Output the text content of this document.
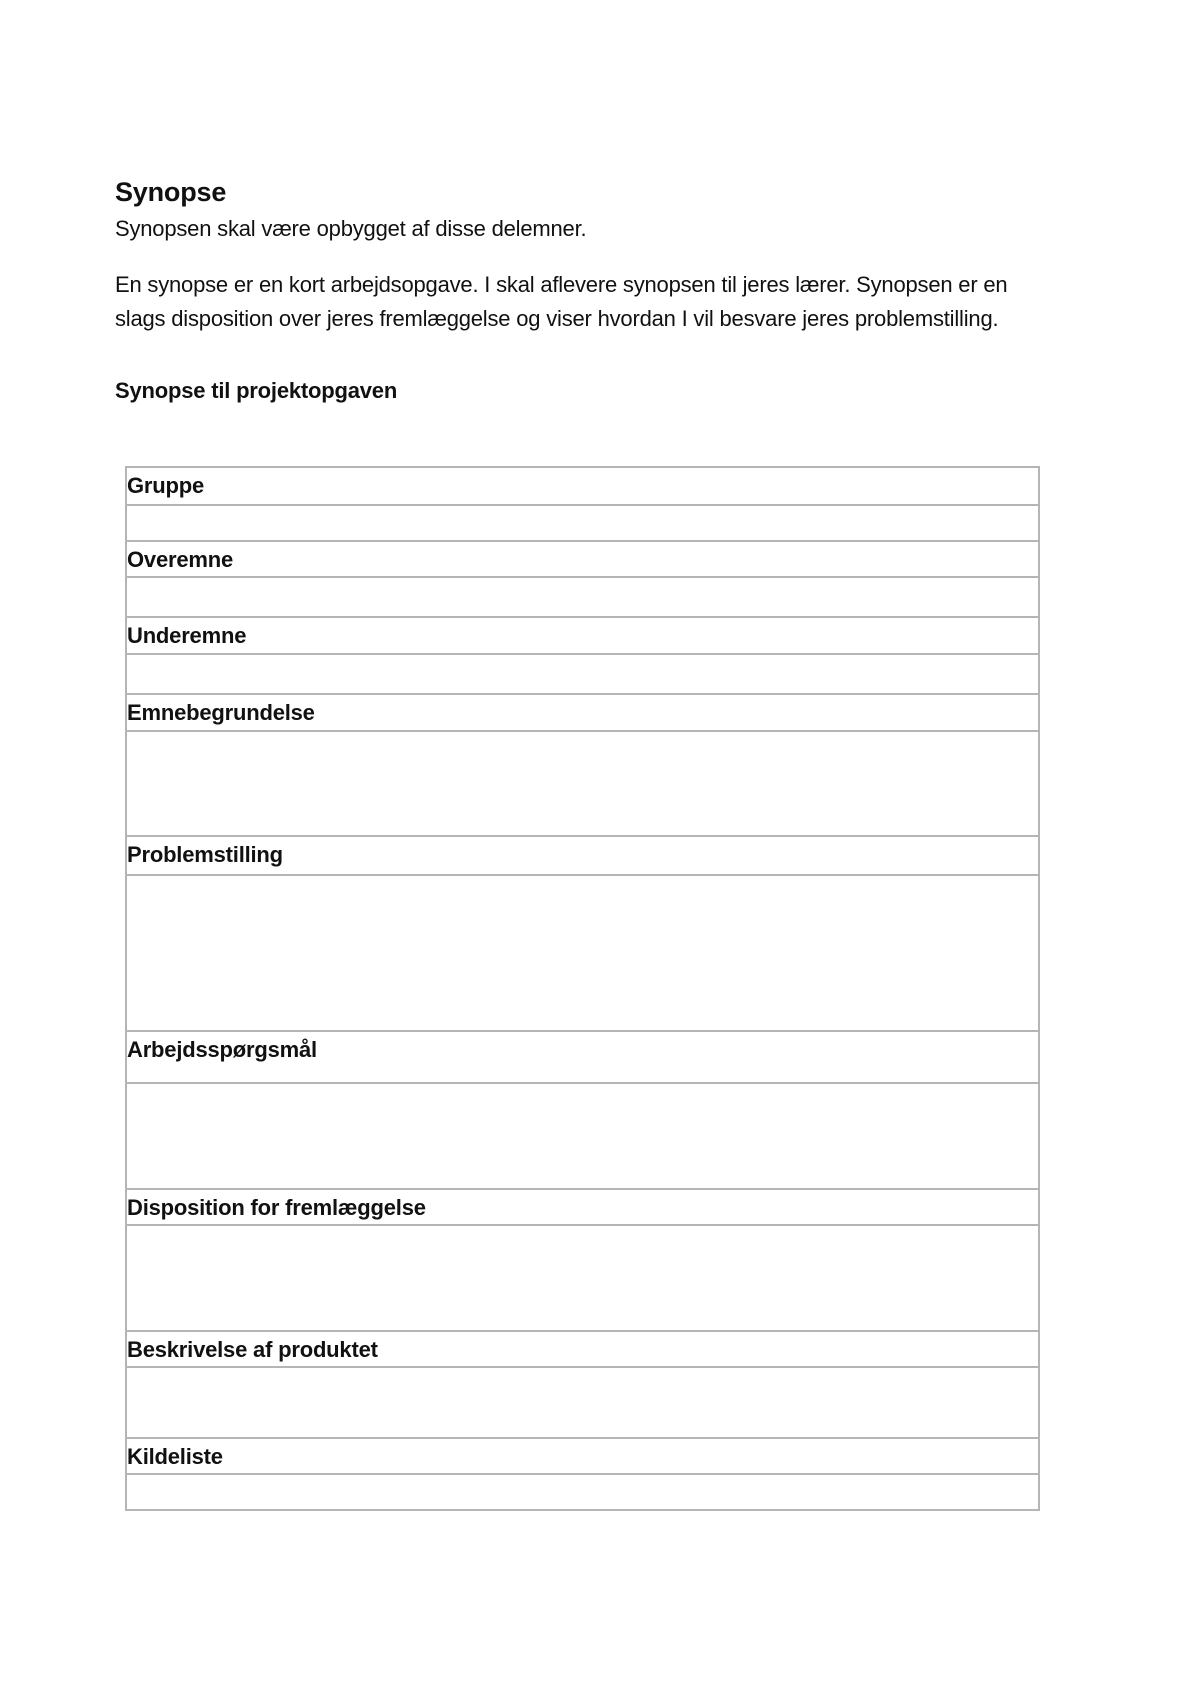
Synopse

Synopsen skal være opbygget af disse delemner.

En synopse er en kort arbejdsopgave. I skal aflevere synopsen til jeres lærer. Synopsen er en slags disposition over jeres fremlæggelse og viser hvordan I vil besvare jeres problemstilling.

Synopse til projektopgaven
Gruppe
Overemne
Underemne
Emnebegrundelse
Problemstilling
Arbejdsspørgsmål
Disposition for fremlæggelse
Beskrivelse af produktet
Kildeliste
